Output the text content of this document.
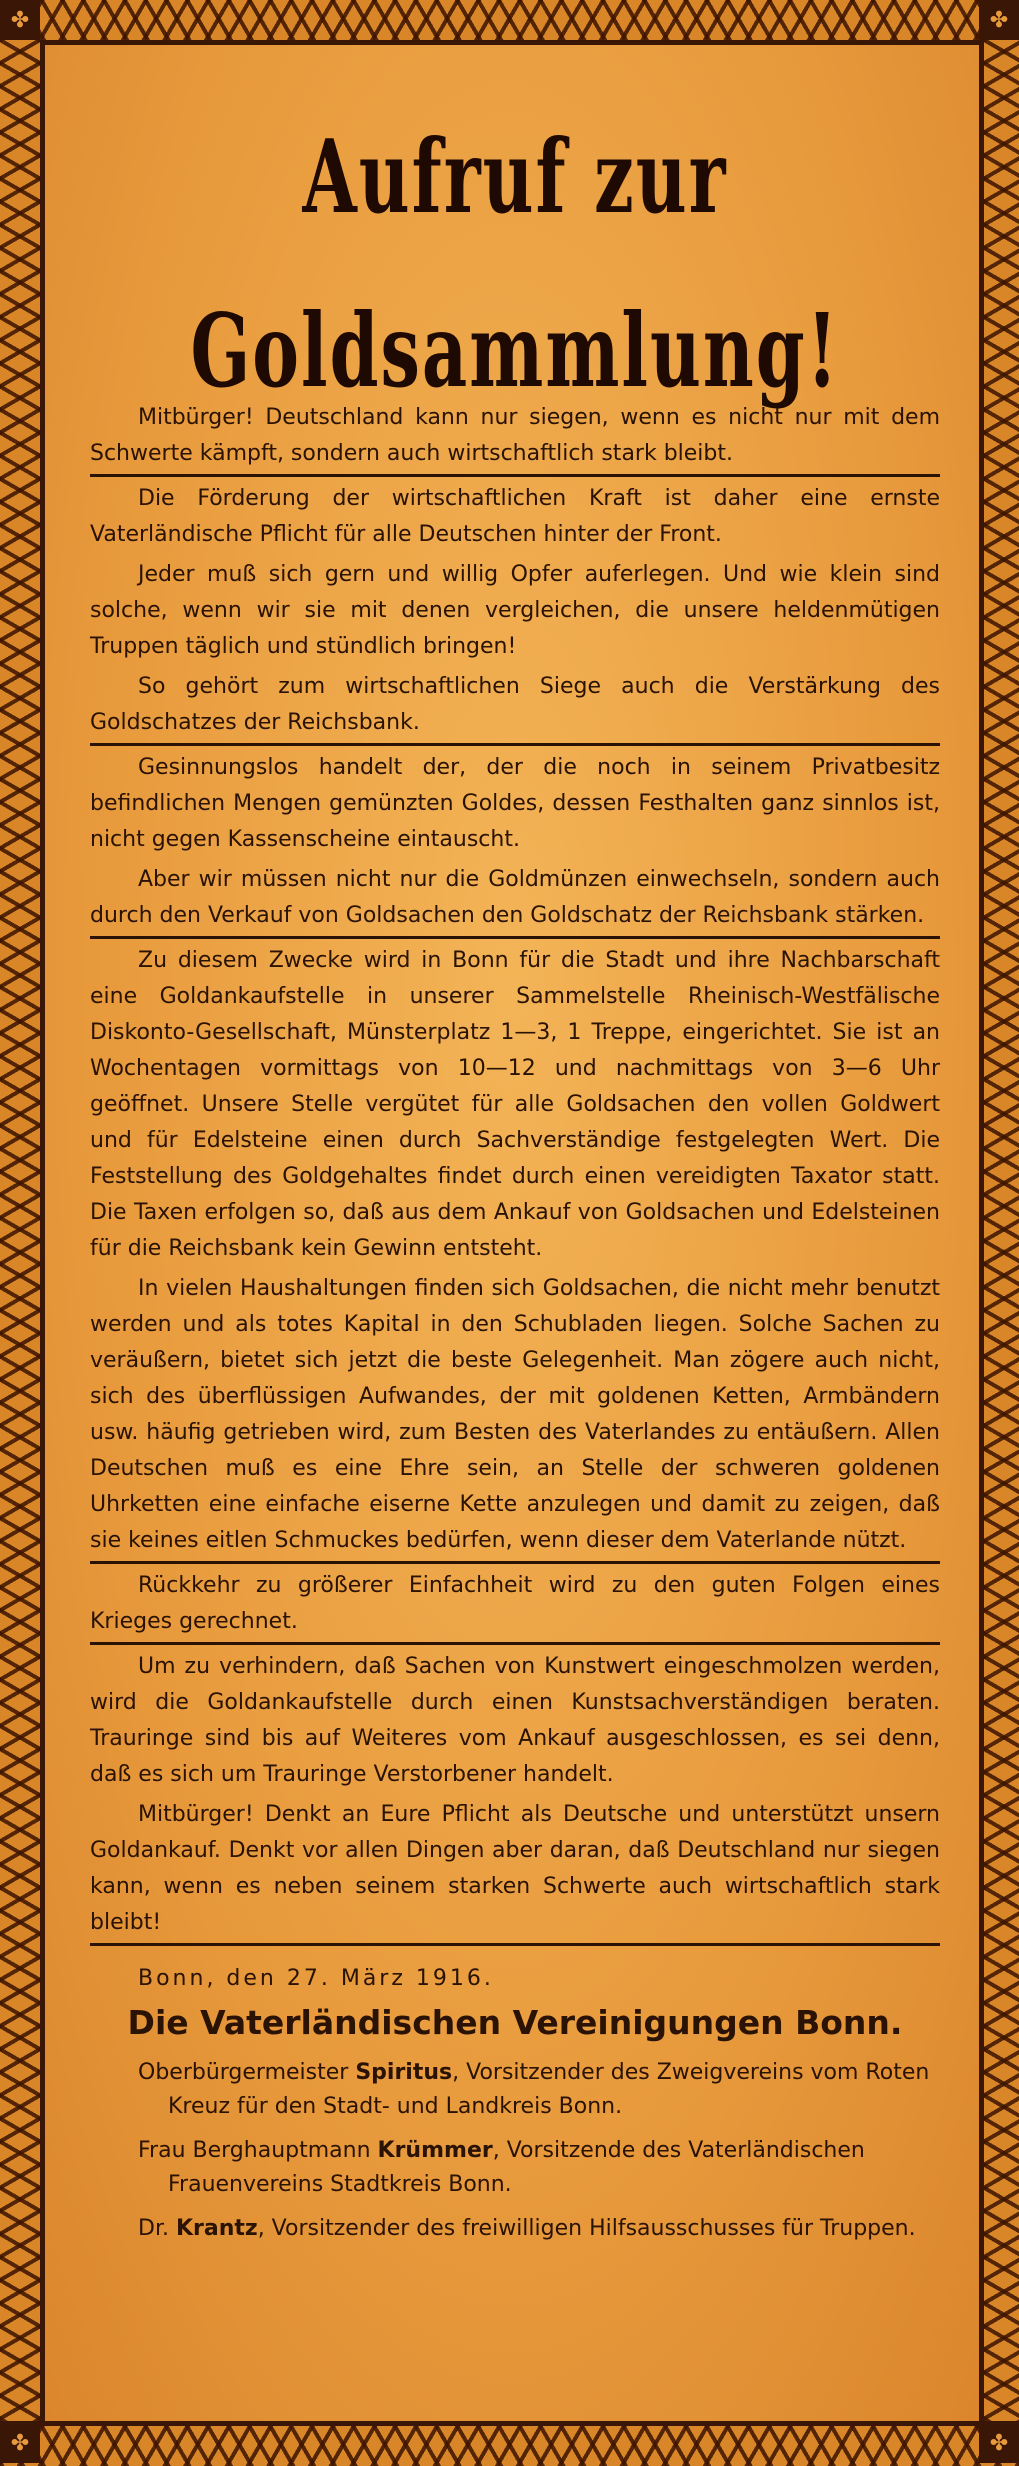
✤	✤
✤	✤
Aufruf zur Goldsammlung!

Mitbürger! Deutschland kann nur siegen, wenn es nicht nur mit dem Schwerte kämpft, sondern auch wirtschaftlich stark bleibt.

Die Förderung der wirtschaftlichen Kraft ist daher eine ernste Vaterländische Pflicht für alle Deutschen hinter der Front.

Jeder muß sich gern und willig Opfer auferlegen. Und wie klein sind solche, wenn wir sie mit denen vergleichen, die unsere heldenmütigen Truppen täglich und stündlich bringen!

So gehört zum wirtschaftlichen Siege auch die Verstärkung des Goldschatzes der Reichsbank.

Gesinnungslos handelt der, der die noch in seinem Privatbesitz befindlichen Mengen gemünzten Goldes, dessen Festhalten ganz sinnlos ist, nicht gegen Kassenscheine eintauscht.

Aber wir müssen nicht nur die Goldmünzen einwechseln, sondern auch durch den Verkauf von Goldsachen den Goldschatz der Reichsbank stärken.

Zu diesem Zwecke wird in Bonn für die Stadt und ihre Nachbarschaft eine Goldankaufstelle in unserer Sammelstelle Rheinisch-Westfälische Diskonto-Gesellschaft, Münsterplatz 1—3, 1 Treppe, eingerichtet. Sie ist an Wochentagen vormittags von 10—12 und nachmittags von 3—6 Uhr geöffnet. Unsere Stelle vergütet für alle Goldsachen den vollen Goldwert und für Edelsteine einen durch Sachverständige festgelegten Wert. Die Feststellung des Goldgehaltes findet durch einen vereidigten Taxator statt. Die Taxen erfolgen so, daß aus dem Ankauf von Goldsachen und Edelsteinen für die Reichsbank kein Gewinn entsteht.

In vielen Haushaltungen finden sich Goldsachen, die nicht mehr benutzt werden und als totes Kapital in den Schubladen liegen. Solche Sachen zu veräußern, bietet sich jetzt die beste Gelegenheit. Man zögere auch nicht, sich des überflüssigen Aufwandes, der mit goldenen Ketten, Armbändern usw. häufig getrieben wird, zum Besten des Vaterlandes zu entäußern. Allen Deutschen muß es eine Ehre sein, an Stelle der schweren goldenen Uhrketten eine einfache eiserne Kette anzulegen und damit zu zeigen, daß sie keines eitlen Schmuckes bedürfen, wenn dieser dem Vaterlande nützt.

Rückkehr zu größerer Einfachheit wird zu den guten Folgen eines Krieges gerechnet.

Um zu verhindern, daß Sachen von Kunstwert eingeschmolzen werden, wird die Goldankaufstelle durch einen Kunstsachverständigen beraten. Trauringe sind bis auf Weiteres vom Ankauf ausgeschlossen, es sei denn, daß es sich um Trauringe Verstorbener handelt.

Mitbürger! Denkt an Eure Pflicht als Deutsche und unterstützt unsern Goldankauf. Denkt vor allen Dingen aber daran, daß Deutschland nur siegen kann, wenn es neben seinem starken Schwerte auch wirtschaftlich stark bleibt!

Bonn, den 27. März 1916.
Die Vaterländischen Vereinigungen Bonn.

Oberbürgermeister Spiritus, Vorsitzender des Zweigvereins vom Roten Kreuz für den Stadt- und Landkreis Bonn.

Frau Berghauptmann Krümmer, Vorsitzende des Vaterländischen Frauenvereins Stadtkreis Bonn.

Dr. Krantz, Vorsitzender des freiwilligen Hilfsausschusses für Truppen.
